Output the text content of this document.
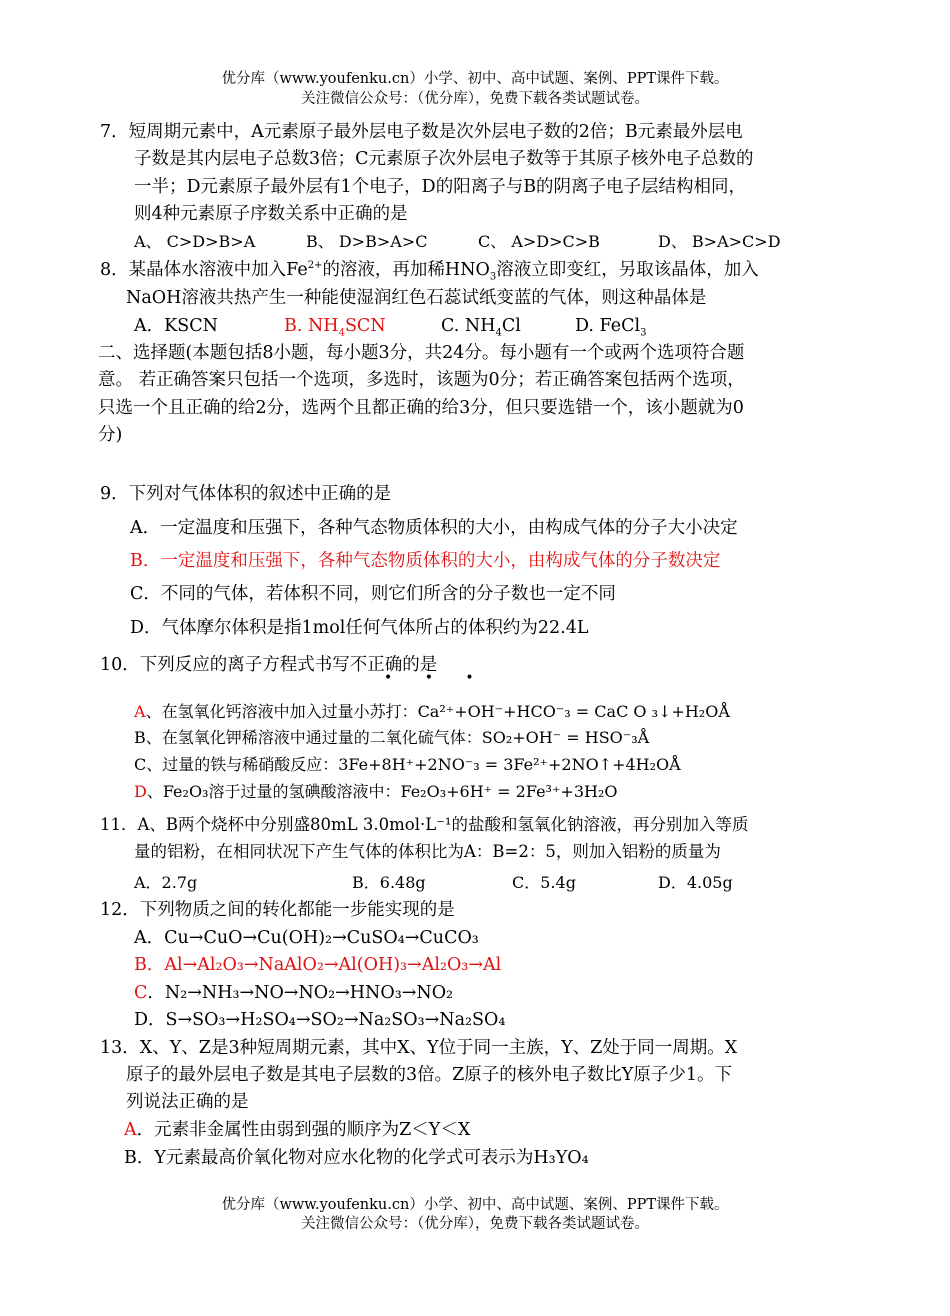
优分库（www.youfenku.cn）小学、初中、高中试题、案例、PPT课件下载。
关注微信公众号：（优分库），免费下载各类试题试卷。
7．短周期元素中，A元素原子最外层电子数是次外层电子数的2倍；B元素最外层电
子数是其内层电子总数3倍；C元素原子次外层电子数等于其原子核外电子总数的
一半；D元素原子最外层有1个电子，D的阳离子与B的阴离子电子层结构相同，
则4种元素原子序数关系中正确的是
A、 C>D>B>A	B、 D>B>A>C	C、 A>D>C>B	D、 B>A>C>D
8．某晶体水溶液中加入$Fe^{2+}$的溶液，再加稀$HNO_3$溶液立即变红，另取该晶体，加入
NaOH溶液共热产生一种能使湿润红色石蕊试纸变蓝的气体，则这种晶体是
A．KSCN	B. $NH_4SCN$	C. $NH_4Cl$	D. FeCl$_3$
二、选择题(本题包括8小题，每小题3分，共24分。每小题有一个或两个选项符合题
意。 若正确答案只包括一个选项，多选时，该题为0分；若正确答案包括两个选项，
只选一个且正确的给2分，选两个且都正确的给3分，但只要选错一个，该小题就为0
分)
9．下列对气体体积的叙述中正确的是
A．一定温度和压强下，各种气态物质体积的大小，由构成气体的分子大小决定
B．一定温度和压强下，各种气态物质体积的大小，由构成气体的分子数决定
C．不同的气体，若体积不同，则它们所含的分子数也一定不同
D．气体摩尔体积是指1mol任何气体所占的体积约为22.4L
10．下列反应的离子方程式书写不正确的是
• • •
A、在氢氧化钙溶液中加入过量小苏打：Ca²⁺+OH⁻+HCO⁻₃ = CaC O ₃↓+H₂OÅ
B、在氢氧化钾稀溶液中通过量的二氧化硫气体：SO₂+OH⁻ = HSO⁻₃Å
C、过量的铁与稀硝酸反应：3Fe+8H⁺+2NO⁻₃ = 3Fe²⁺+2NO↑+4H₂OÅ
D、Fe₂O₃溶于过量的氢碘酸溶液中：Fe₂O₃+6H⁺ = 2Fe³⁺+3H₂O
11．A、B两个烧杯中分别盛80mL 3.0mol·L⁻¹的盐酸和氢氧化钠溶液，再分别加入等质
量的铝粉，在相同状况下产生气体的体积比为A：B=2：5，则加入铝粉的质量为
A．2.7g	B．6.48g	C．5.4g	D．4.05g
12．下列物质之间的转化都能一步能实现的是
A．Cu→CuO→Cu(OH)₂→CuSO₄→CuCO₃
B．Al→Al₂O₃→NaAlO₂→Al(OH)₃→Al₂O₃→Al
C．N₂→NH₃→NO→NO₂→HNO₃→NO₂
D．S→SO₃→H₂SO₄→SO₂→Na₂SO₃→Na₂SO₄
13．X、Y、Z是3种短周期元素，其中X、Y位于同一主族，Y、Z处于同一周期。X
原子的最外层电子数是其电子层数的3倍。Z原子的核外电子数比Y原子少1。下
列说法正确的是
A．元素非金属性由弱到强的顺序为Z＜Y＜X
B．Y元素最高价氧化物对应水化物的化学式可表示为H₃YO₄
优分库（www.youfenku.cn）小学、初中、高中试题、案例、PPT课件下载。
关注微信公众号：（优分库），免费下载各类试题试卷。
